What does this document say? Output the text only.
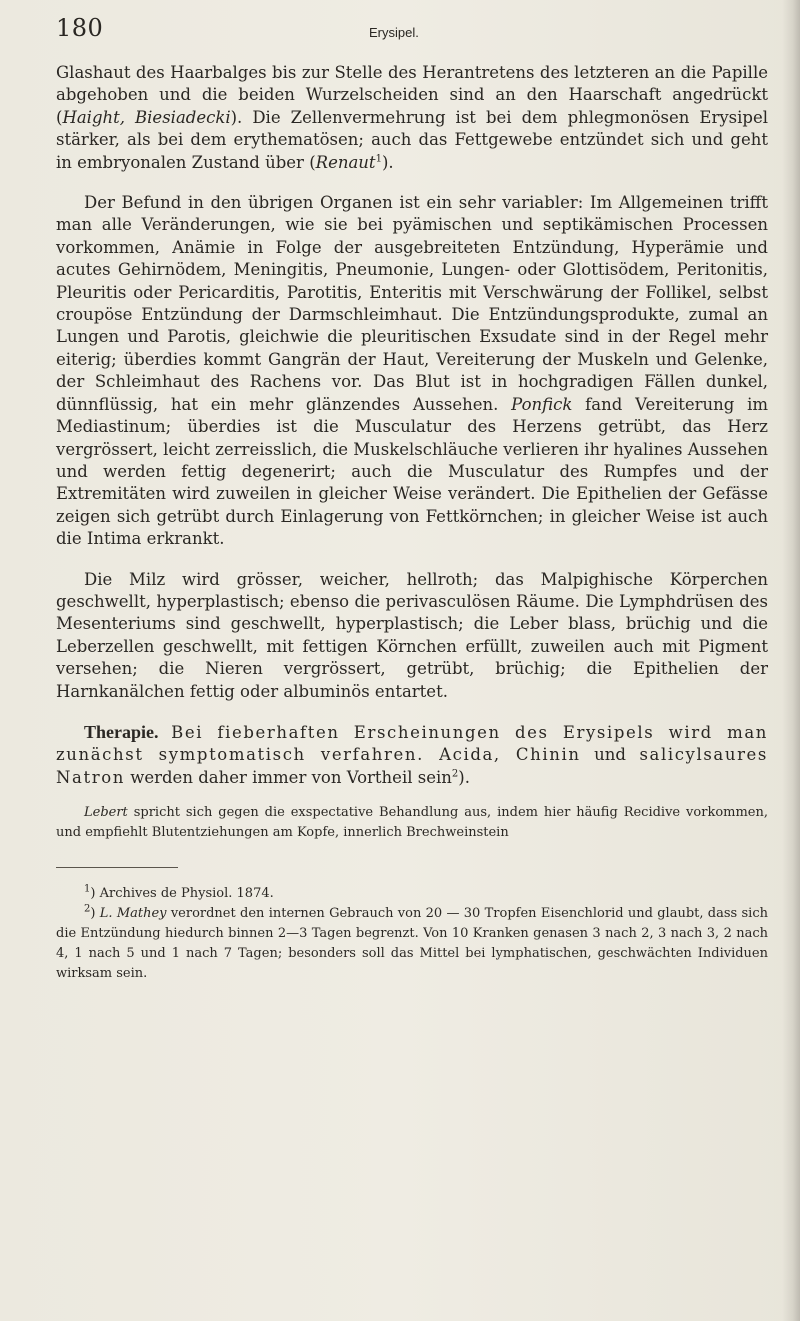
180	Erysipel.

Glashaut des Haarbalges bis zur Stelle des Herantretens des letzteren an die Papille abgehoben und die beiden Wurzelscheiden sind an den Haarschaft angedrückt (Haight, Biesiadecki). Die Zellenvermehrung ist bei dem phlegmonösen Erysipel stärker, als bei dem erythematösen; auch das Fettgewebe entzündet sich und geht in embryonalen Zustand über (Renaut$^1$).

Der Befund in den übrigen Organen ist ein sehr variabler: Im Allgemeinen trifft man alle Veränderungen, wie sie bei pyämischen und septikämischen Processen vorkommen, Anämie in Folge der ausgebreiteten Entzündung, Hyperämie und acutes Gehirnödem, Meningitis, Pneumonie, Lungen- oder Glottisödem, Peritonitis, Pleuritis oder Pericarditis, Parotitis, Enteritis mit Verschwärung der Follikel, selbst croupöse Entzündung der Darmschleimhaut. Die Entzündungsprodukte, zumal an Lungen und Parotis, gleichwie die pleuritischen Exsudate sind in der Regel mehr eiterig; überdies kommt Gangrän der Haut, Vereiterung der Muskeln und Gelenke, der Schleimhaut des Rachens vor. Das Blut ist in hochgradigen Fällen dunkel, dünnflüssig, hat ein mehr glänzendes Aussehen. Ponfick fand Vereiterung im Mediastinum; überdies ist die Musculatur des Herzens getrübt, das Herz vergrössert, leicht zerreisslich, die Muskelschläuche verlieren ihr hyalines Aussehen und werden fettig degenerirt; auch die Musculatur des Rumpfes und der Extremitäten wird zuweilen in gleicher Weise verändert. Die Epithelien der Gefässe zeigen sich getrübt durch Einlagerung von Fettkörnchen; in gleicher Weise ist auch die Intima erkrankt.

Die Milz wird grösser, weicher, hellroth; das Malpighische Körperchen geschwellt, hyperplastisch; ebenso die perivasculösen Räume. Die Lymphdrüsen des Mesenteriums sind geschwellt, hyperplastisch; die Leber blass, brüchig und die Leberzellen geschwellt, mit fettigen Körnchen erfüllt, zuweilen auch mit Pigment versehen; die Nieren vergrössert, getrübt, brüchig; die Epithelien der Harnkanälchen fettig oder albuminös entartet.

Therapie. Bei fieberhaften Erscheinungen des Erysipels wird man zunächst symptomatisch verfahren. Acida, Chinin und salicylsaures Natron werden daher immer von Vortheil sein$^2$).

Lebert spricht sich gegen die exspectative Behandlung aus, indem hier häufig Recidive vorkommen, und empfiehlt Blutentziehungen am Kopfe, innerlich Brechweinstein

$^1$) Archives de Physiol. 1874.

$^2$) L. Mathey verordnet den internen Gebrauch von 20 — 30 Tropfen Eisenchlorid und glaubt, dass sich die Entzündung hiedurch binnen 2—3 Tagen begrenzt. Von 10 Kranken genasen 3 nach 2, 3 nach 3, 2 nach 4, 1 nach 5 und 1 nach 7 Tagen; besonders soll das Mittel bei lymphatischen, geschwächten Individuen wirksam sein.
